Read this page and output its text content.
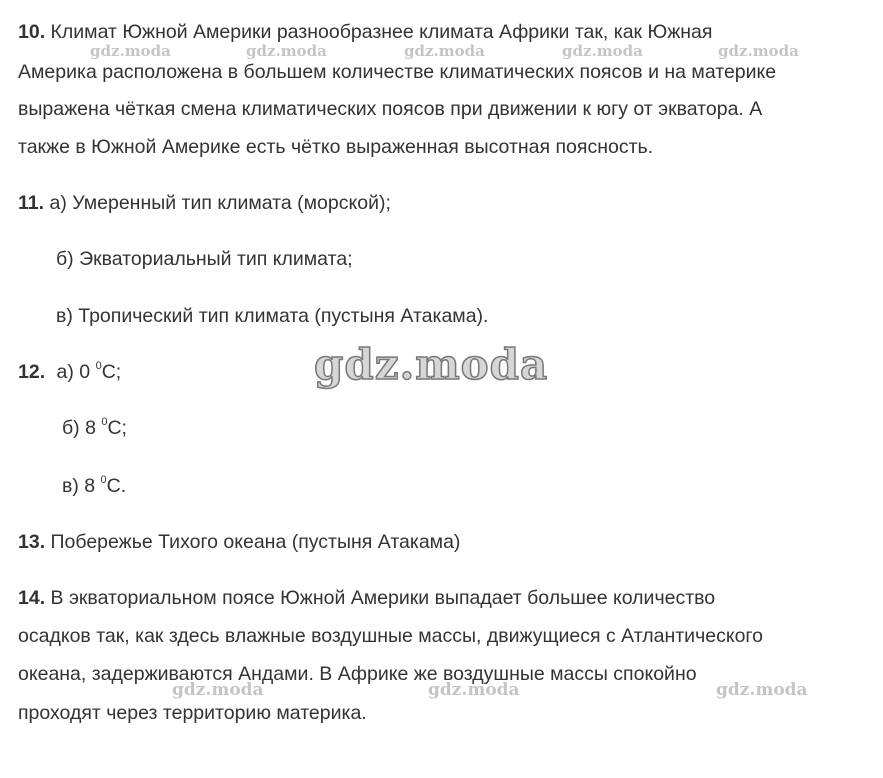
10. Климат Южной Америки разнообразнее климата Африки так, как Южная
Америка расположена в большем количестве климатических поясов и на материке
выражена чёткая смена климатических поясов при движении к югу от экватора. А
также в Южной Америке есть чётко выраженная высотная поясность.
11. а) Умеренный тип климата (морской);
б) Экваториальный тип климата;
в) Тропический тип климата (пустыня Атакама).
12. а) 0 $^0$C;
б) 8 $^0$C;
в) 8 $^0$C.
13. Побережье Тихого океана (пустыня Атакама)
14. В экваториальном поясе Южной Америки выпадает большее количество
осадков так, как здесь влажные воздушные массы, движущиеся с Атлантического
океана, задерживаются Андами. В Африке же воздушные массы спокойно
проходят через территорию материка.
gdz.moda	gdz.moda	gdz.moda	gdz.moda	gdz.moda
gdz.moda
gdz.moda	gdz.moda	gdz.moda
